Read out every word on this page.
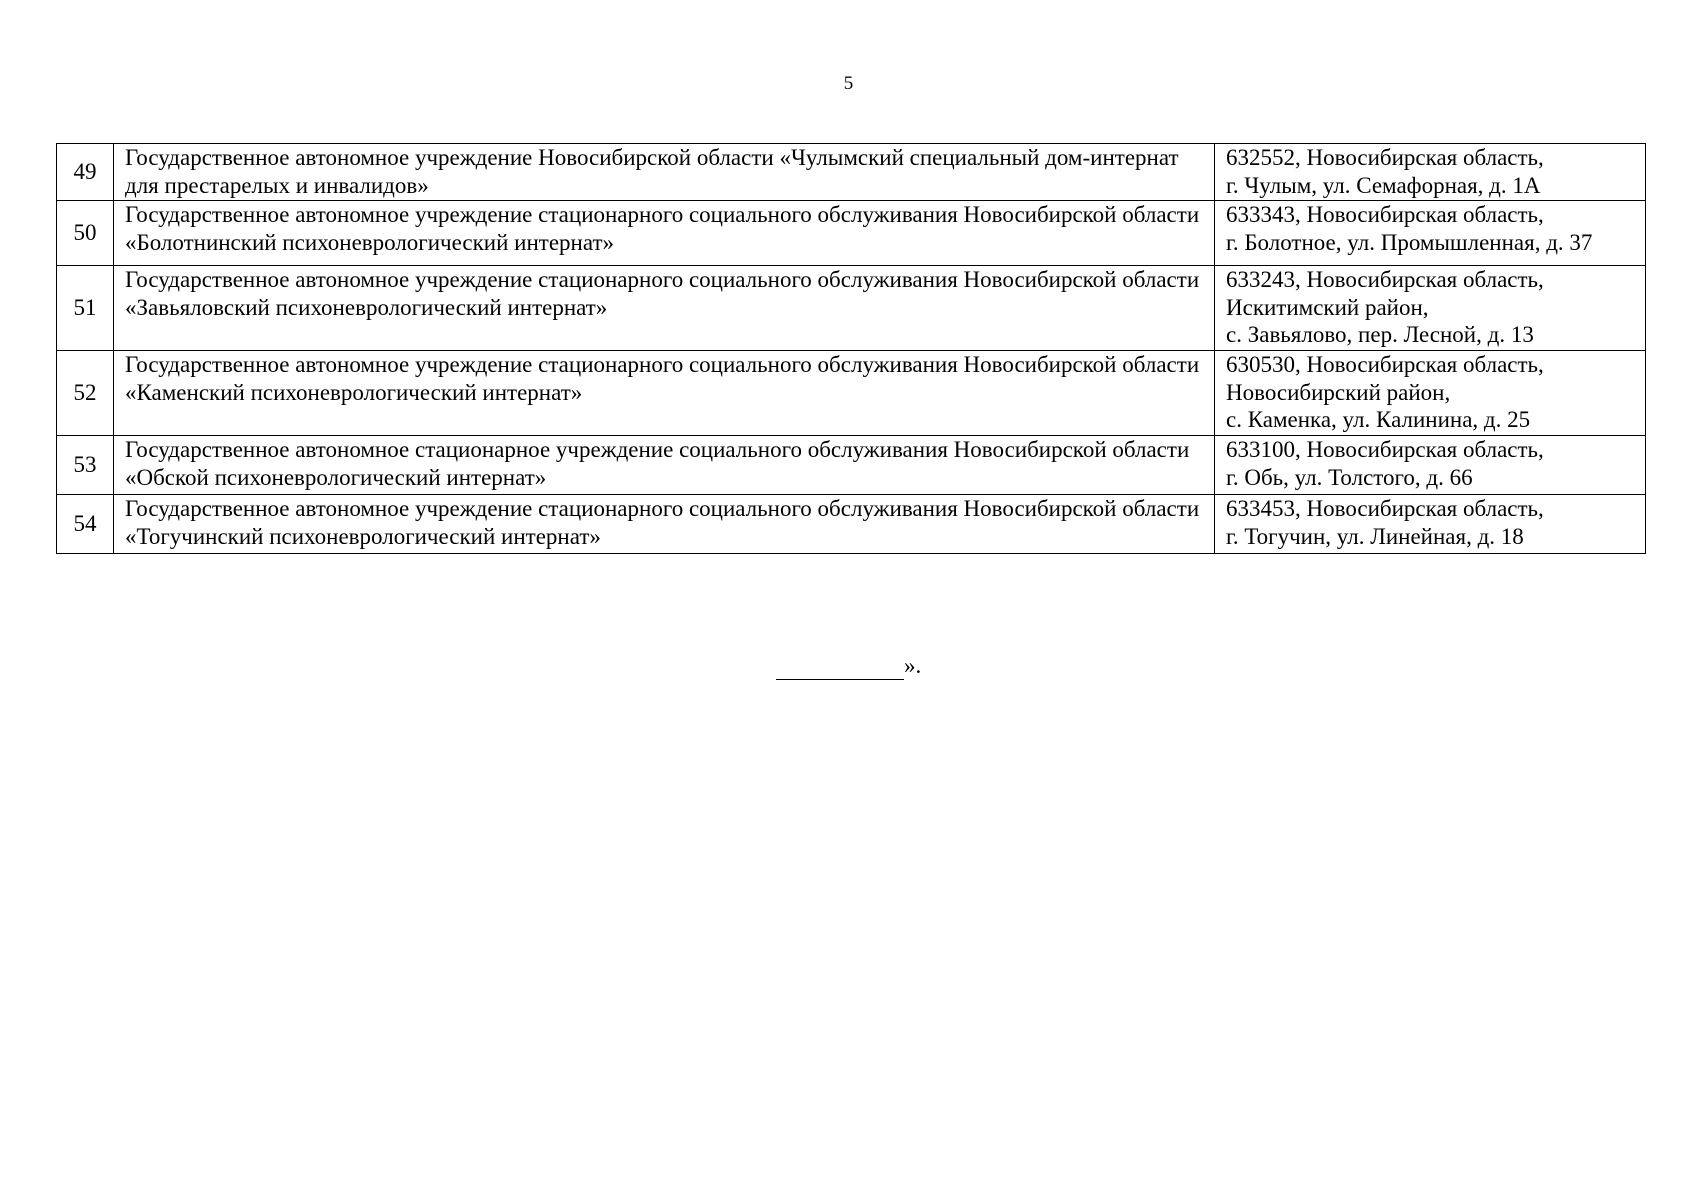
5
49	Государственное автономное учреждение Новосибирской области «Чулымский специальный дом-интернат для престарелых и инвалидов»	632552, Новосибирская область,
г. Чулым, ул. Семафорная, д. 1А

50	Государственное автономное учреждение стационарного социального обслуживания Новосибирской области «Болотнинский психоневрологический интернат»	633343, Новосибирская область,
г. Болотное, ул. Промышленная, д. 37

51	Государственное автономное учреждение стационарного социального обслуживания Новосибирской области «Завьяловский психоневрологический интернат»	633243, Новосибирская область,
Искитимский район,
с. Завьялово, пер. Лесной, д. 13

52	Государственное автономное учреждение стационарного социального обслуживания Новосибирской области «Каменский психоневрологический интернат»	630530, Новосибирская область,
Новосибирский район,
с. Каменка, ул. Калинина, д. 25

53	Государственное автономное стационарное учреждение социального обслуживания Новосибирской области «Обской психоневрологический интернат»	633100, Новосибирская область,
г. Обь, ул. Толстого, д. 66

54	Государственное автономное учреждение стационарного социального обслуживания Новосибирской области «Тогучинский психоневрологический интернат»	633453, Новосибирская область,
г. Тогучин, ул. Линейная, д. 18
».
